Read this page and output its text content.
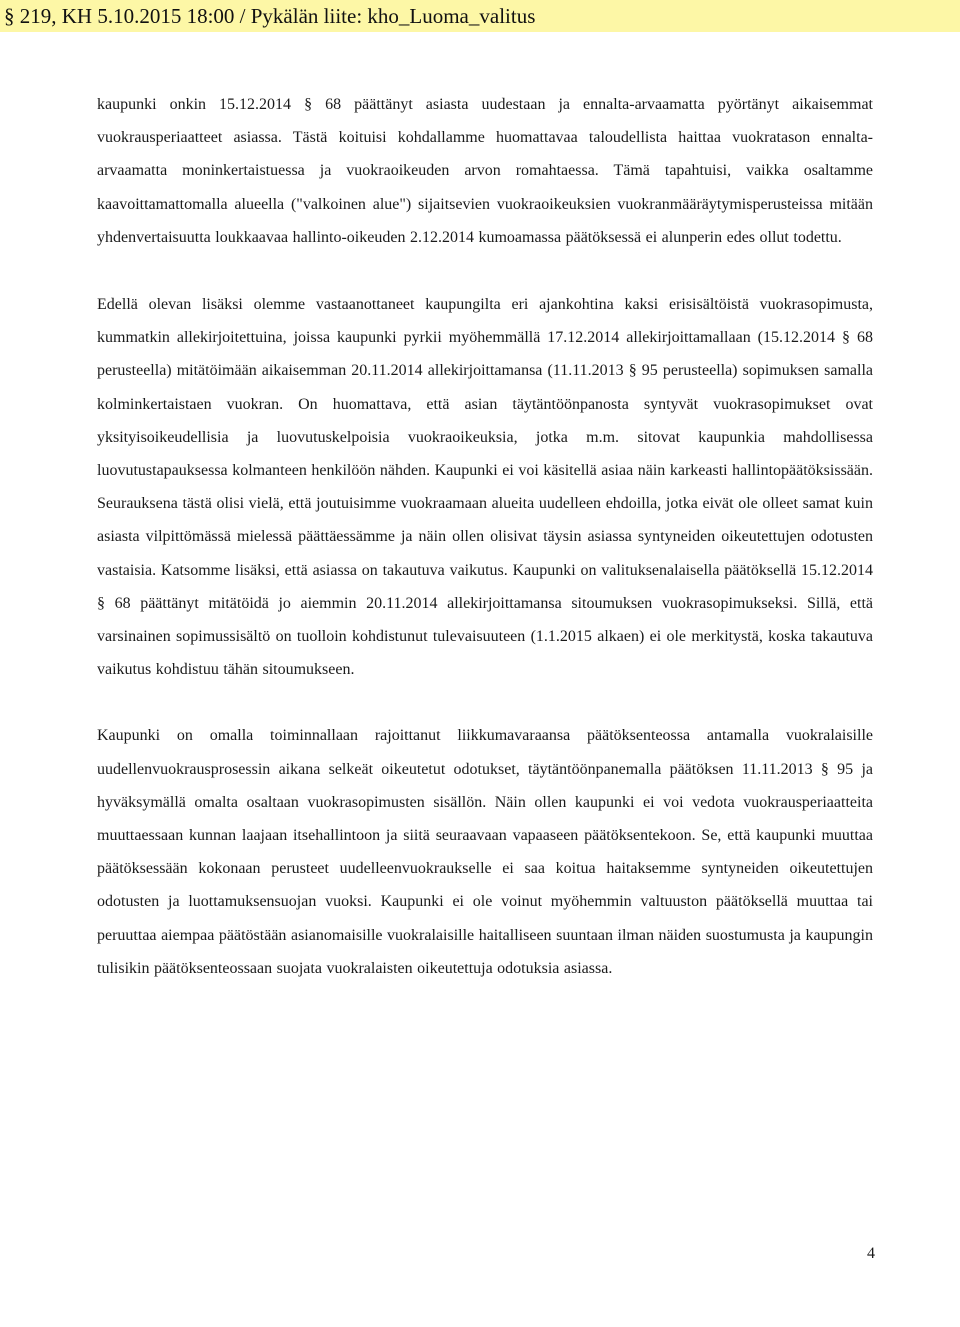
§ 219, KH 5.10.2015 18:00 / Pykälän liite: kho_Luoma_valitus

kaupunki onkin 15.12.2014 § 68 päättänyt asiasta uudestaan ja ennalta-arvaamatta pyörtänyt aikaisemmat vuokrausperiaatteet asiassa. Tästä koituisi kohdallamme huomattavaa taloudellista haittaa vuokratason ennalta-arvaamatta moninkertaistuessa ja vuokraoikeuden arvon romahtaessa. Tämä tapahtuisi, vaikka osaltamme kaavoittamattomalla alueella ("valkoinen alue") sijaitsevien vuokraoikeuksien vuokranmääräytymisperusteissa mitään yhdenvertaisuutta loukkaavaa hallinto-oikeuden 2.12.2014 kumoamassa päätöksessä ei alunperin edes ollut todettu.

Edellä olevan lisäksi olemme vastaanottaneet kaupungilta eri ajankohtina kaksi erisisältöistä vuokrasopimusta, kummatkin allekirjoitettuina, joissa kaupunki pyrkii myöhemmällä 17.12.2014 allekirjoittamallaan (15.12.2014 § 68 perusteella) mitätöimään aikaisemman 20.11.2014 allekirjoittamansa (11.11.2013 § 95 perusteella) sopimuksen samalla kolminkertaistaen vuokran. On huomattava, että asian täytäntöönpanosta syntyvät vuokrasopimukset ovat yksityisoikeudellisia ja luovutuskelpoisia vuokraoikeuksia, jotka m.m. sitovat kaupunkia mahdollisessa luovutustapauksessa kolmanteen henkilöön nähden. Kaupunki ei voi käsitellä asiaa näin karkeasti hallintopäätöksissään. Seurauksena tästä olisi vielä, että joutuisimme vuokraamaan alueita uudelleen ehdoilla, jotka eivät ole olleet samat kuin asiasta vilpittömässä mielessä päättäessämme ja näin ollen olisivat täysin asiassa syntyneiden oikeutettujen odotusten vastaisia. Katsomme lisäksi, että asiassa on takautuva vaikutus. Kaupunki on valituksenalaisella päätöksellä 15.12.2014 § 68 päättänyt mitätöidä jo aiemmin 20.11.2014 allekirjoittamansa sitoumuksen vuokrasopimukseksi. Sillä, että varsinainen sopimussisältö on tuolloin kohdistunut tulevaisuuteen (1.1.2015 alkaen) ei ole merkitystä, koska takautuva vaikutus kohdistuu tähän sitoumukseen.

Kaupunki on omalla toiminnallaan rajoittanut liikkumavaraansa päätöksenteossa antamalla vuokralaisille uudellenvuokrausprosessin aikana selkeät oikeutetut odotukset, täytäntöönpanemalla päätöksen 11.11.2013 § 95 ja hyväksymällä omalta osaltaan vuokrasopimusten sisällön. Näin ollen kaupunki ei voi vedota vuokrausperiaatteita muuttaessaan kunnan laajaan itsehallintoon ja siitä seuraavaan vapaaseen päätöksentekoon. Se, että kaupunki muuttaa päätöksessään kokonaan perusteet uudelleenvuokraukselle ei saa koitua haitaksemme syntyneiden oikeutettujen odotusten ja luottamuksensuojan vuoksi. Kaupunki ei ole voinut myöhemmin valtuuston päätöksellä muuttaa tai peruuttaa aiempaa päätöstään asianomaisille vuokralaisille haitalliseen suuntaan ilman näiden suostumusta ja kaupungin tulisikin päätöksenteossaan suojata vuokralaisten oikeutettuja odotuksia asiassa.

4
